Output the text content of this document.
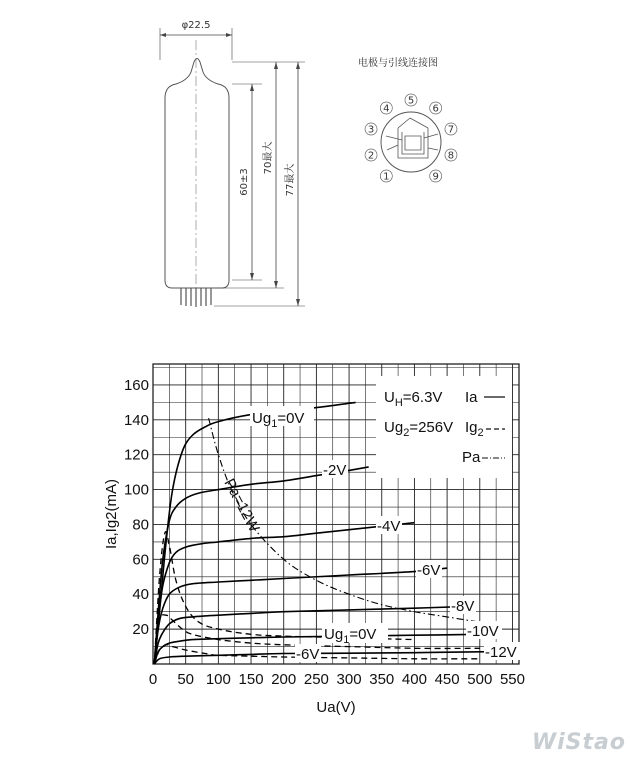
φ22.5
60±3
70最大
77最大
电极与引线连接图
1
2
3
4
5
6
7
8
9
0 50 100 150 200 250 300 350 400 450 500 550
20
40
60
80
100
120
140
160
$U_H=6.3V$ Ia
$Ug_2=256V$ $Ig_2$
Pa
$Ug_1=0V$
-2V
-4V
-6V
-8V
-10V
-12V
$Ug_1=0V$
-6V
Pa=12W
Ua(V)
Ia,Ig2(mA)
WiStao
